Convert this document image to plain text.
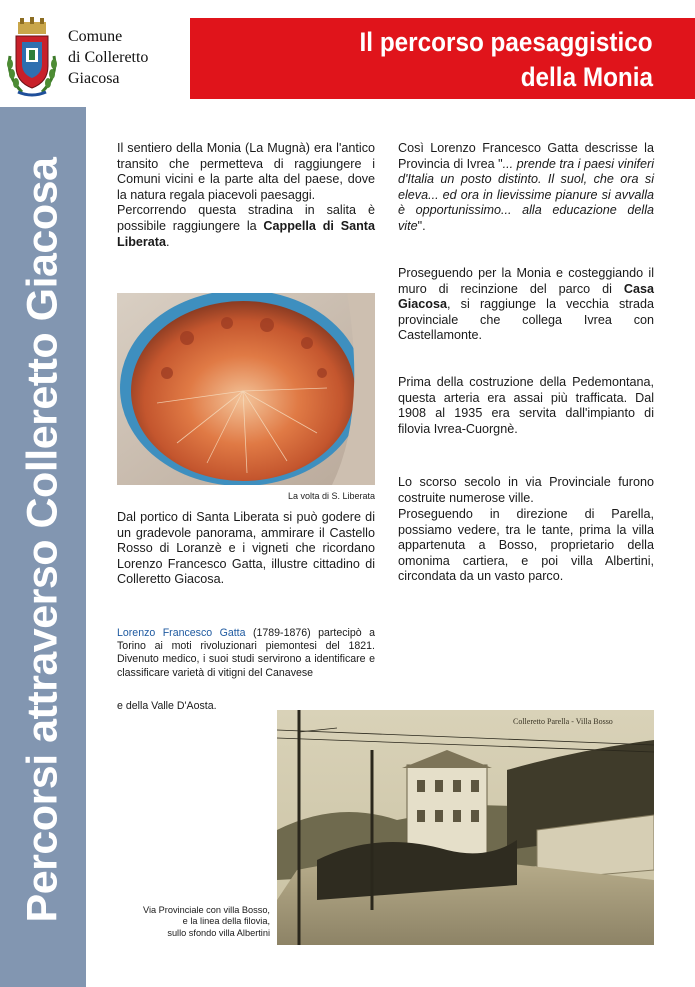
Percorsi attraverso Colleretto Giacosa
Comune
di Colleretto
Giacosa
Il percorso paesaggistico
della Monia

Il sentiero della Monia (La Mugnà) era l'antico transito che permetteva di raggiungere i Comuni vicini e la parte alta del paese, dove la natura regala piacevoli paesaggi.

Percorrendo questa stradina in salita è possibile raggiungere la Cappella di Santa Liberata.

La volta di S. Liberata
Dal portico di Santa Liberata si può godere di un gradevole panorama, ammirare il Castello Rosso di Loranzè e i vigneti che ricordano Lorenzo Francesco Gatta, illustre cittadino di Colleretto Giacosa.
Lorenzo Francesco Gatta (1789-1876) partecipò a Torino ai moti rivoluzionari piemontesi del 1821. Divenuto medico, i suoi studi servirono a identificare e classificare varietà di vitigni del Canavese
e della Valle D'Aosta.
Così Lorenzo Francesco Gatta descrisse la Provincia di Ivrea "... prende tra i paesi viniferi d'Italia un posto distinto. Il suol, che ora si eleva... ed ora in lievissime pianure si avvalla è opportunissimo... alla educazione della vite".
Proseguendo per la Monia e costeggiando il muro di recinzione del parco di Casa Giacosa, si raggiunge la vecchia strada provinciale che collega Ivrea con Castellamonte.
Prima della costruzione della Pedemontana, questa arteria era assai più trafficata. Dal 1908 al 1935 era servita dall'impianto di filovia Ivrea-Cuorgnè.
Lo scorso secolo in via Provinciale furono costruite numerose ville.
Proseguendo in direzione di Parella, possiamo vedere, tra le tante, prima la villa appartenuta a Bosso, proprietario della omonima cartiera, e poi villa Albertini, circondata da un vasto parco.
Colleretto Parella - Villa Bosso
Via Provinciale con villa Bosso,
e la linea della filovia,
sullo sfondo villa Albertini
